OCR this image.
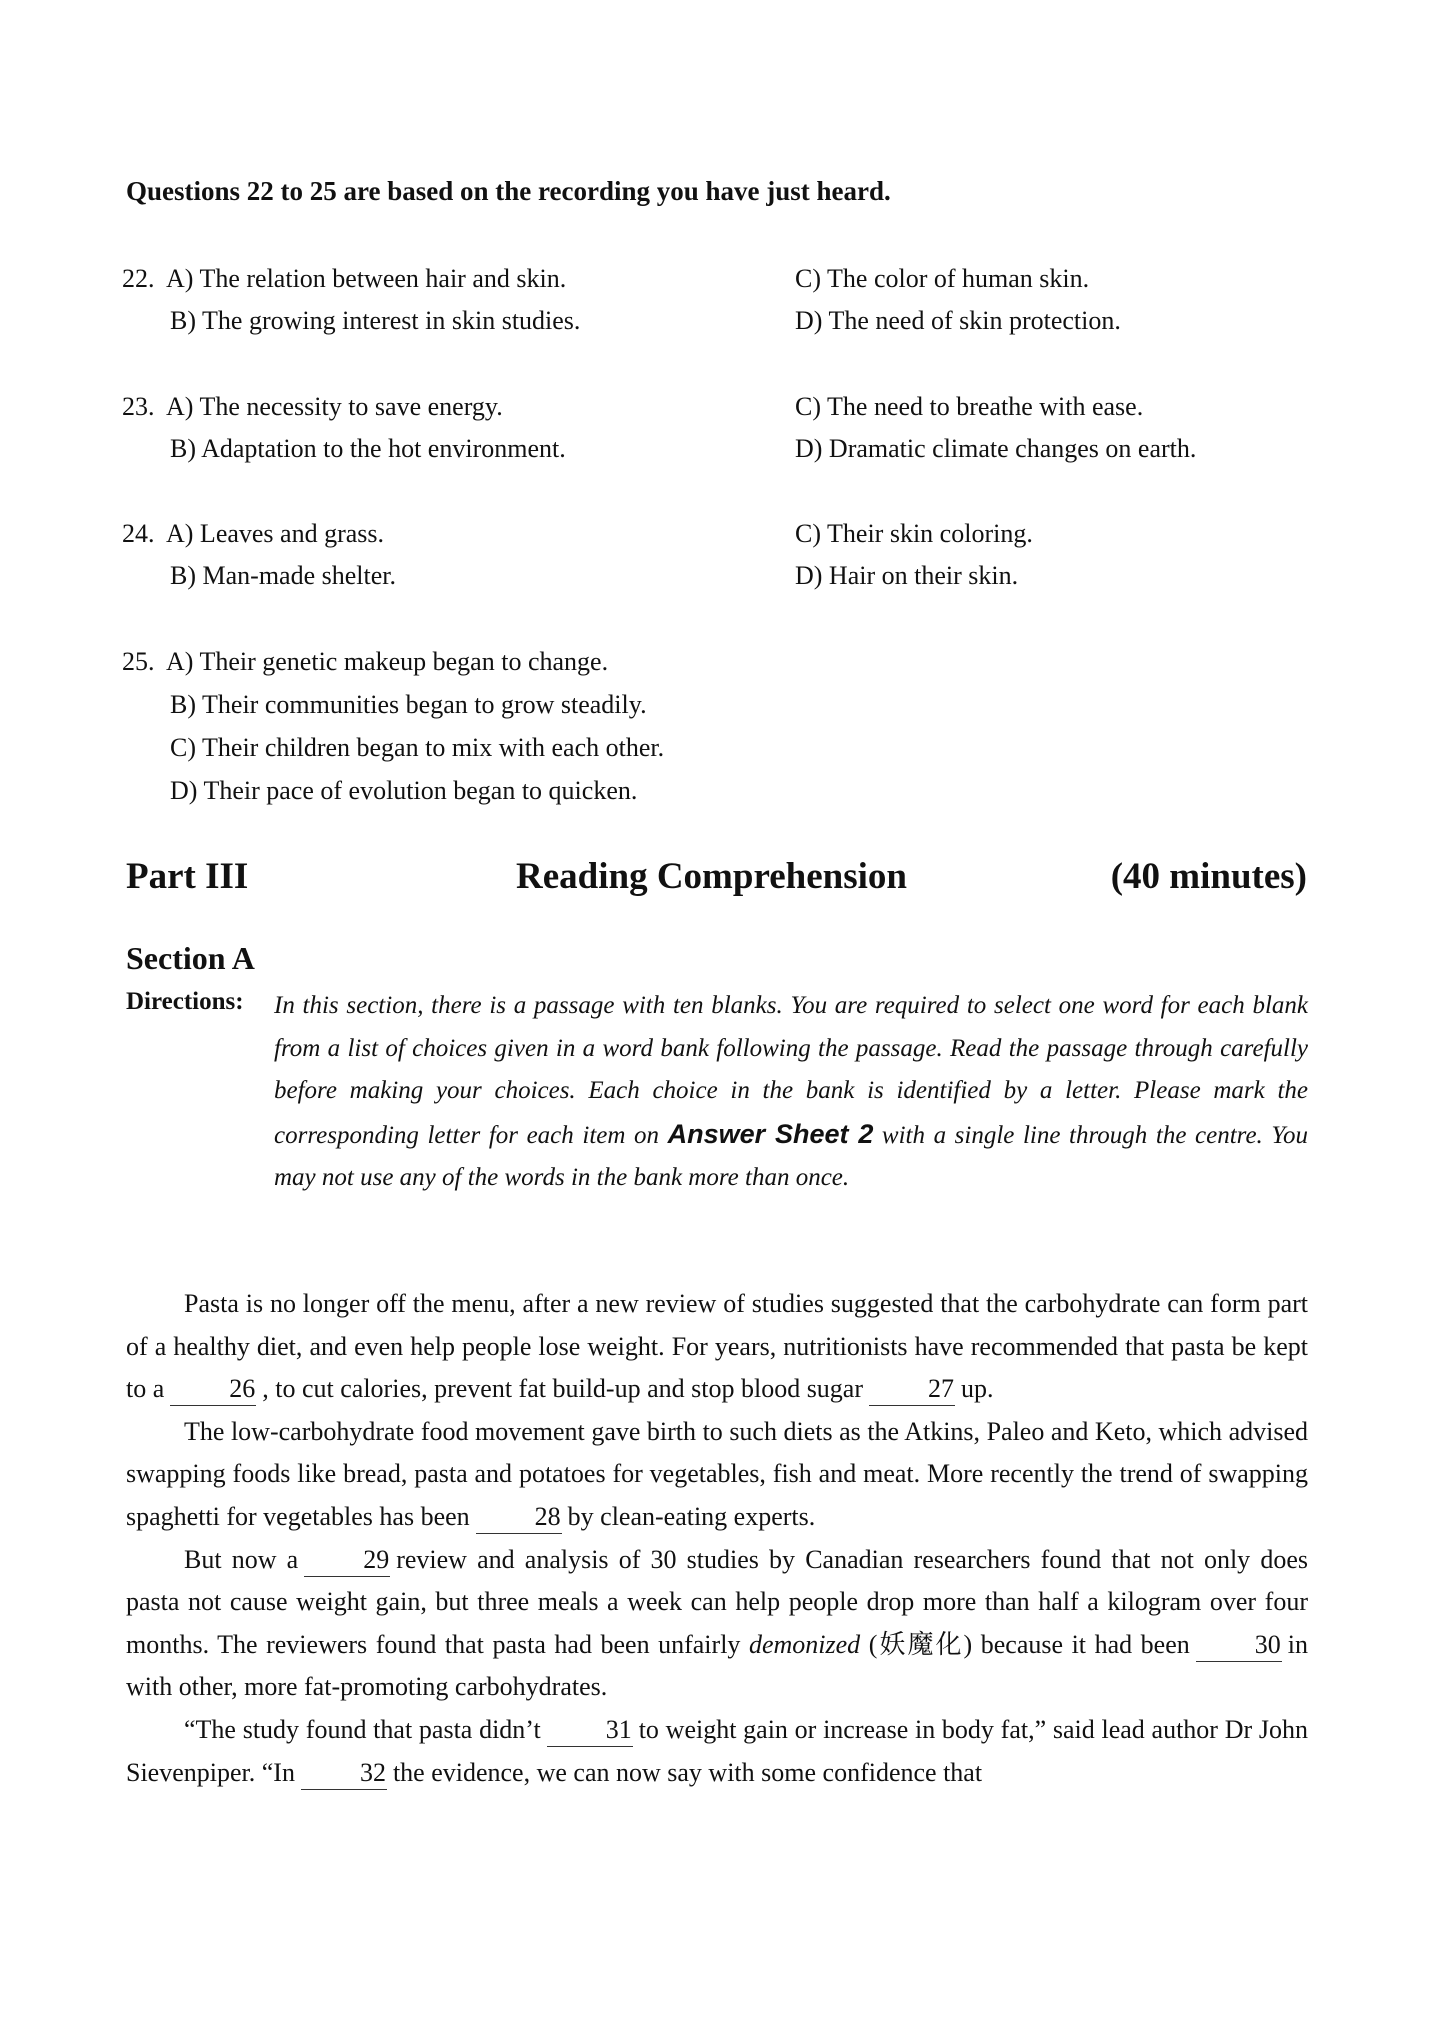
Questions 22 to 25 are based on the recording you have just heard.
22. A) The relation between hair and skin.
B) The growing interest in skin studies.
C) The color of human skin.
D) The need of skin protection.
23. A) The necessity to save energy.
B) Adaptation to the hot environment.
C) The need to breathe with ease.
D) Dramatic climate changes on earth.
24. A) Leaves and grass.
B) Man-made shelter.
C) Their skin coloring.
D) Hair on their skin.
25. A) Their genetic makeup began to change.
B) Their communities began to grow steadily.
C) Their children began to mix with each other.
D) Their pace of evolution began to quicken.
Part III	Reading Comprehension	(40 minutes)
Section A
Directions: In this section, there is a passage with ten blanks. You are required to select one word for each blank from a list of choices given in a word bank following the passage. Read the passage through carefully before making your choices. Each choice in the bank is identified by a letter. Please mark the corresponding letter for each item on Answer Sheet 2 with a single line through the centre. You may not use any of the words in the bank more than once.

Pasta is no longer off the menu, after a new review of studies suggested that the carbohydrate can form part of a healthy diet, and even help people lose weight. For years, nutritionists have recommended that pasta be kept to a	26 , to cut calories, prevent fat build-up and stop blood sugar	27 up.

The low-carbohydrate food movement gave birth to such diets as the Atkins, Paleo and Keto, which advised swapping foods like bread, pasta and potatoes for vegetables, fish and meat. More recently the trend of swapping spaghetti for vegetables has been	28 by clean-eating experts.

But now a	29 review and analysis of 30 studies by Canadian researchers found that not only does pasta not cause weight gain, but three meals a week can help people drop more than half a kilogram over four months. The reviewers found that pasta had been unfairly demonized (妖魔化) because it had been	30 in with other, more fat-promoting carbohydrates.

“The study found that pasta didn’t	31 to weight gain or increase in body fat,” said lead author Dr John Sievenpiper. “In	32 the evidence, we can now say with some confidence that
